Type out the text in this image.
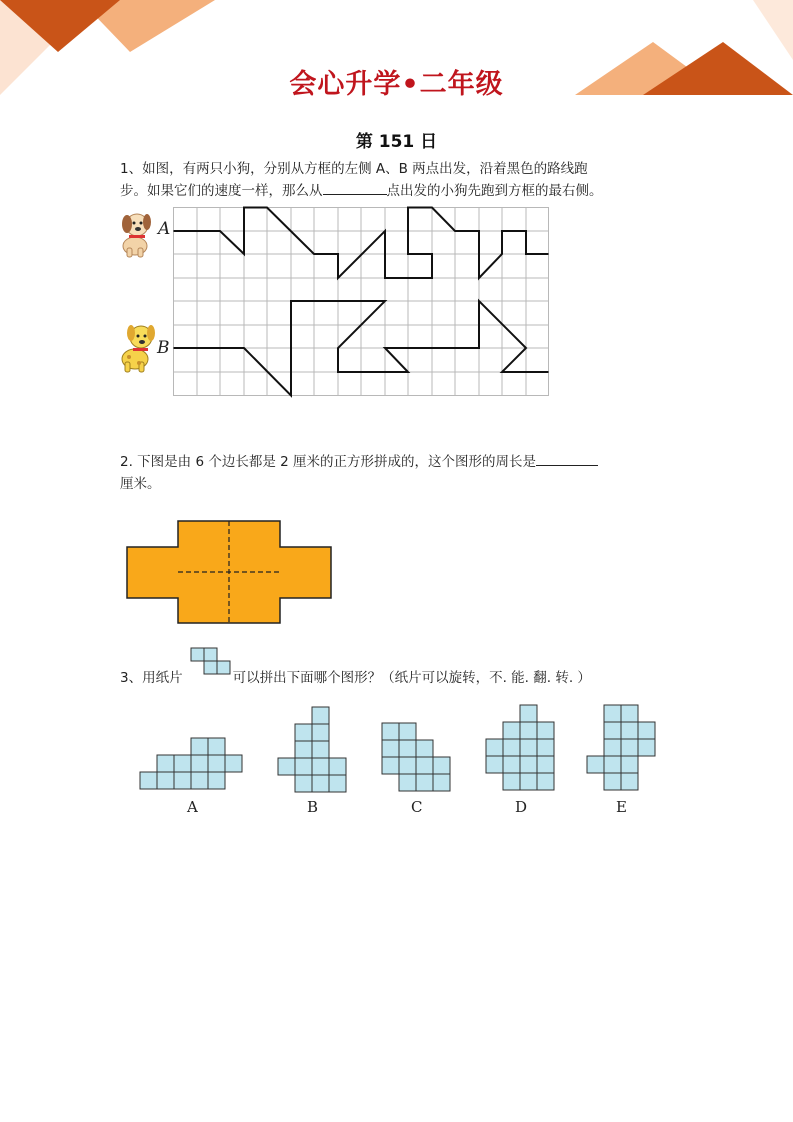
会心升学•二年级
第 151 日
1、如图，有两只小狗，分别从方框的左侧 A、B 两点出发，沿着黑色的路线跑
步。如果它们的速度一样，那么从	点出发的小狗先跑到方框的最右侧。
A
B
2. 下图是由 6 个边长都是 2 厘米的正方形拼成的，这个图形的周长是
厘米。
3、用纸片	可以拼出下面哪个图形？（纸片可以旋转，不. 能. 翻. 转. ）
A	B	C	D	E
